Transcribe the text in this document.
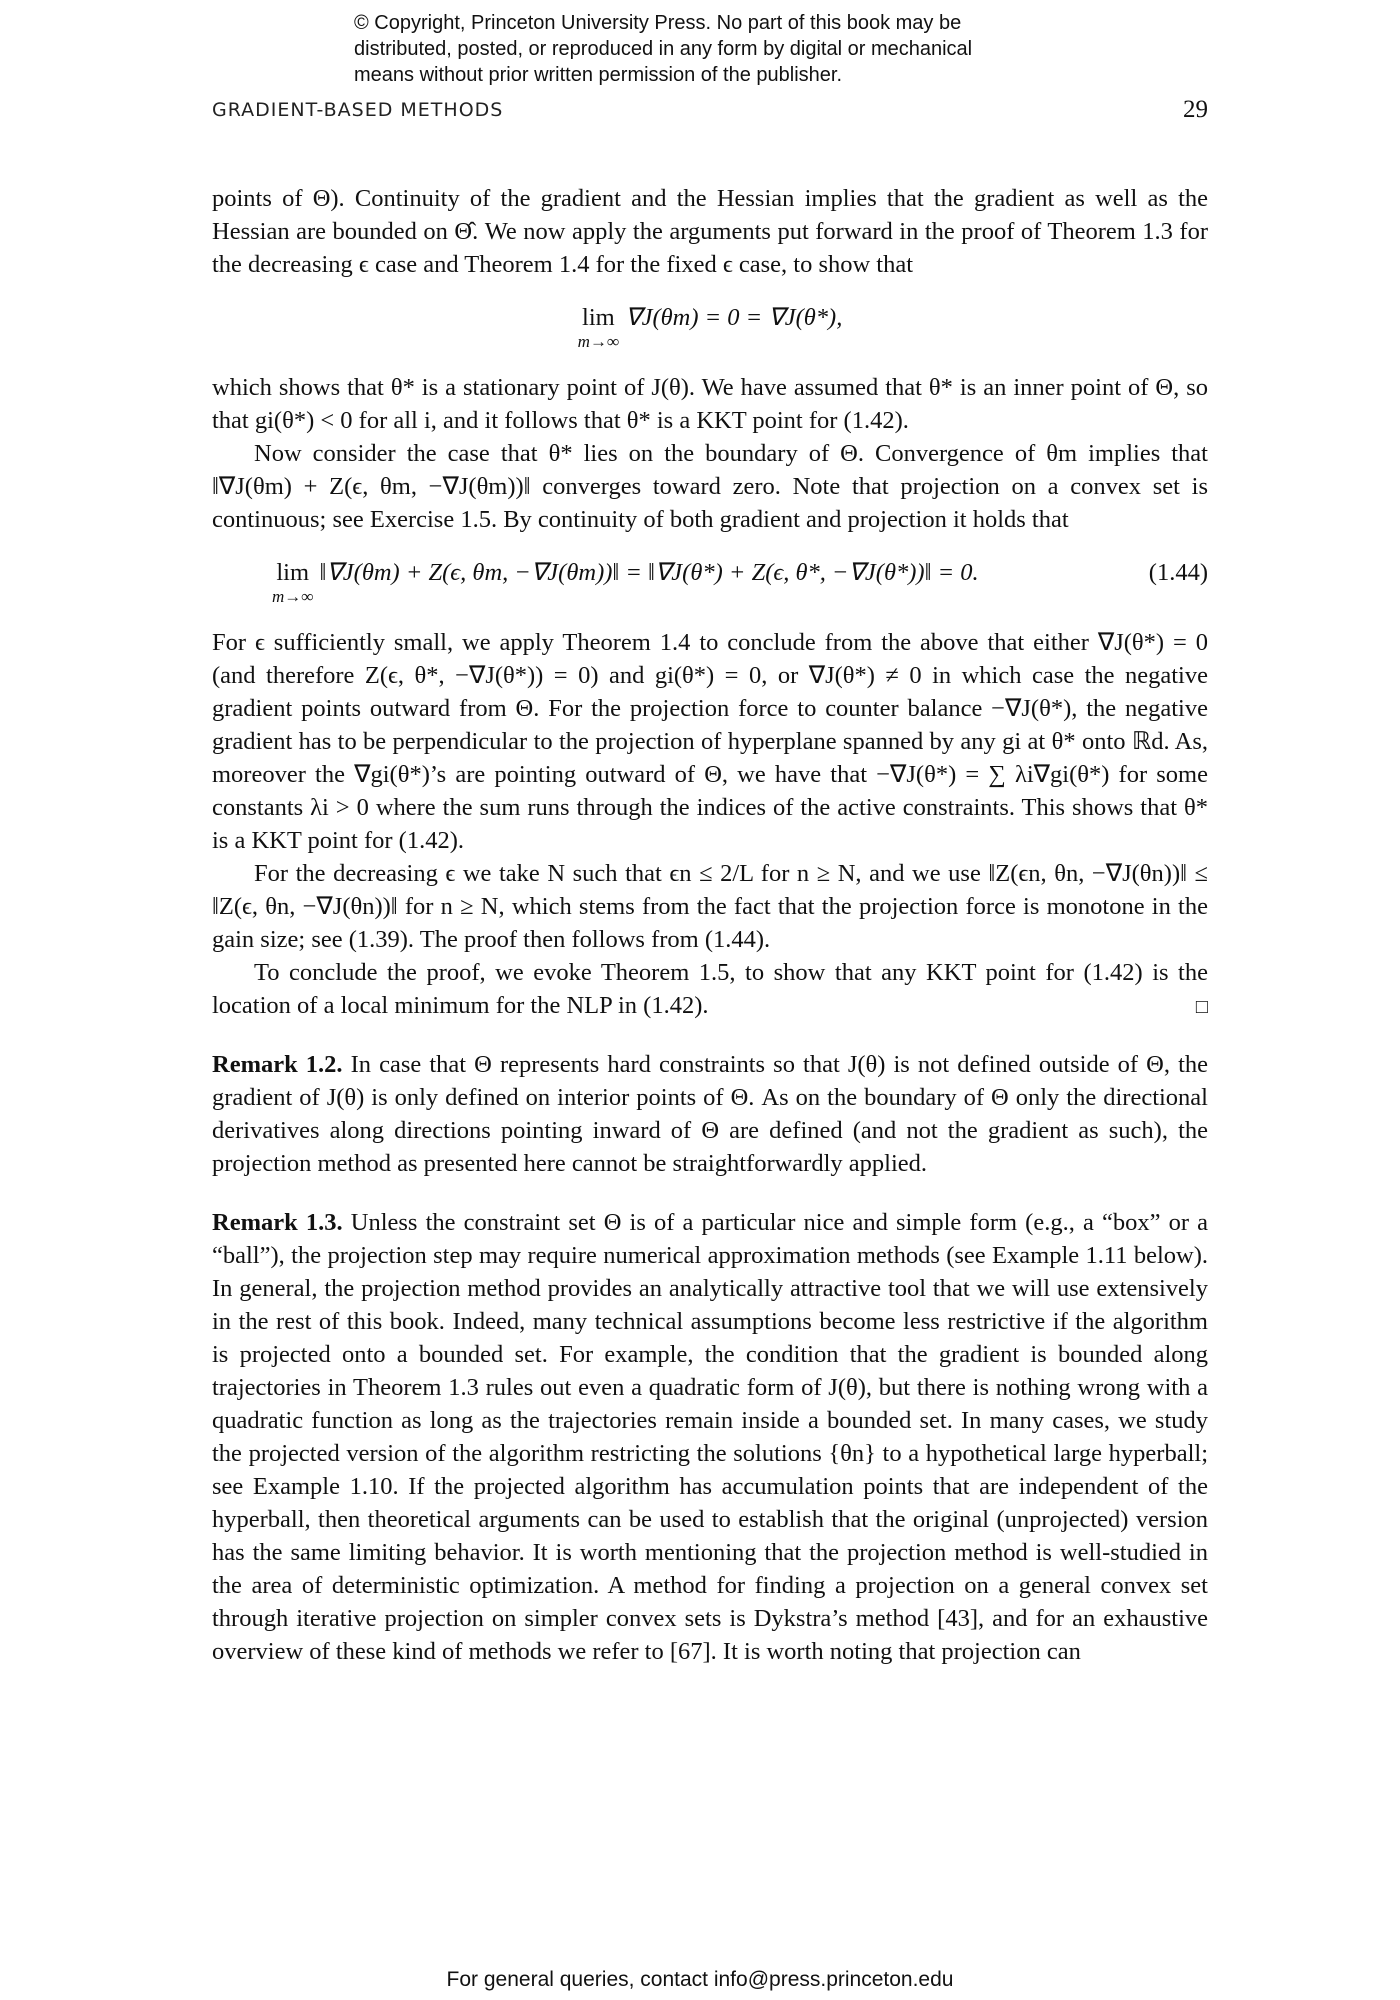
© Copyright, Princeton University Press. No part of this book may be
distributed, posted, or reproduced in any form by digital or mechanical
means without prior written permission of the publisher.
GRADIENT-BASED METHODS	29

points of Θ). Continuity of the gradient and the Hessian implies that the gradient as well as the Hessian are bounded on Θ̂. We now apply the arguments put forward in the proof of Theorem 1.3 for the decreasing ϵ case and Theorem 1.4 for the fixed ϵ case, to show that

lim
m→∞
∇J(θm) = 0 = ∇J(θ*),

which shows that θ* is a stationary point of J(θ). We have assumed that θ* is an inner point of Θ, so that gi(θ*) < 0 for all i, and it follows that θ* is a KKT point for (1.42).

Now consider the case that θ* lies on the boundary of Θ. Convergence of θm implies that ‖∇J(θm) + Z(ϵ, θm, −∇J(θm))‖ converges toward zero. Note that projection on a convex set is continuous; see Exercise 1.5. By continuity of both gradient and projection it holds that

lim
m→∞
‖∇J(θm) + Z(ϵ, θm, −∇J(θm))‖ = ‖∇J(θ*) + Z(ϵ, θ*, −∇J(θ*))‖ = 0.	(1.44)

For ϵ sufficiently small, we apply Theorem 1.4 to conclude from the above that either ∇J(θ*) = 0 (and therefore Z(ϵ, θ*, −∇J(θ*)) = 0) and gi(θ*) = 0, or ∇J(θ*) ≠ 0 in which case the negative gradient points outward from Θ. For the projection force to counter balance −∇J(θ*), the negative gradient has to be perpendicular to the projection of hyperplane spanned by any gi at θ* onto ℝd. As, moreover the ∇gi(θ*)’s are pointing outward of Θ, we have that −∇J(θ*) = ∑ λi∇gi(θ*) for some constants λi > 0 where the sum runs through the indices of the active constraints. This shows that θ* is a KKT point for (1.42).

For the decreasing ϵ we take N such that ϵn ≤ 2/L for n ≥ N, and we use ‖Z(ϵn, θn, −∇J(θn))‖ ≤ ‖Z(ϵ, θn, −∇J(θn))‖ for n ≥ N, which stems from the fact that the projection force is monotone in the gain size; see (1.39). The proof then follows from (1.44).

To conclude the proof, we evoke Theorem 1.5, to show that any KKT point for (1.42) is the location of a local minimum for the NLP in (1.42).	□

Remark 1.2. In case that Θ represents hard constraints so that J(θ) is not defined outside of Θ, the gradient of J(θ) is only defined on interior points of Θ. As on the boundary of Θ only the directional derivatives along directions pointing inward of Θ are defined (and not the gradient as such), the projection method as presented here cannot be straightforwardly applied.

Remark 1.3. Unless the constraint set Θ is of a particular nice and simple form (e.g., a “box” or a “ball”), the projection step may require numerical approximation methods (see Example 1.11 below). In general, the projection method provides an analytically attractive tool that we will use extensively in the rest of this book. Indeed, many technical assumptions become less restrictive if the algorithm is projected onto a bounded set. For example, the condition that the gradient is bounded along trajectories in Theorem 1.3 rules out even a quadratic form of J(θ), but there is nothing wrong with a quadratic function as long as the trajectories remain inside a bounded set. In many cases, we study the projected version of the algorithm restricting the solutions {θn} to a hypothetical large hyperball; see Example 1.10. If the projected algorithm has accumulation points that are independent of the hyperball, then theoretical arguments can be used to establish that the original (unprojected) version has the same limiting behavior. It is worth mentioning that the projection method is well-studied in the area of deterministic optimization. A method for finding a projection on a general convex set through iterative projection on simpler convex sets is Dykstra’s method [43], and for an exhaustive overview of these kind of methods we refer to [67]. It is worth noting that projection can

For general queries, contact info@press.princeton.edu
